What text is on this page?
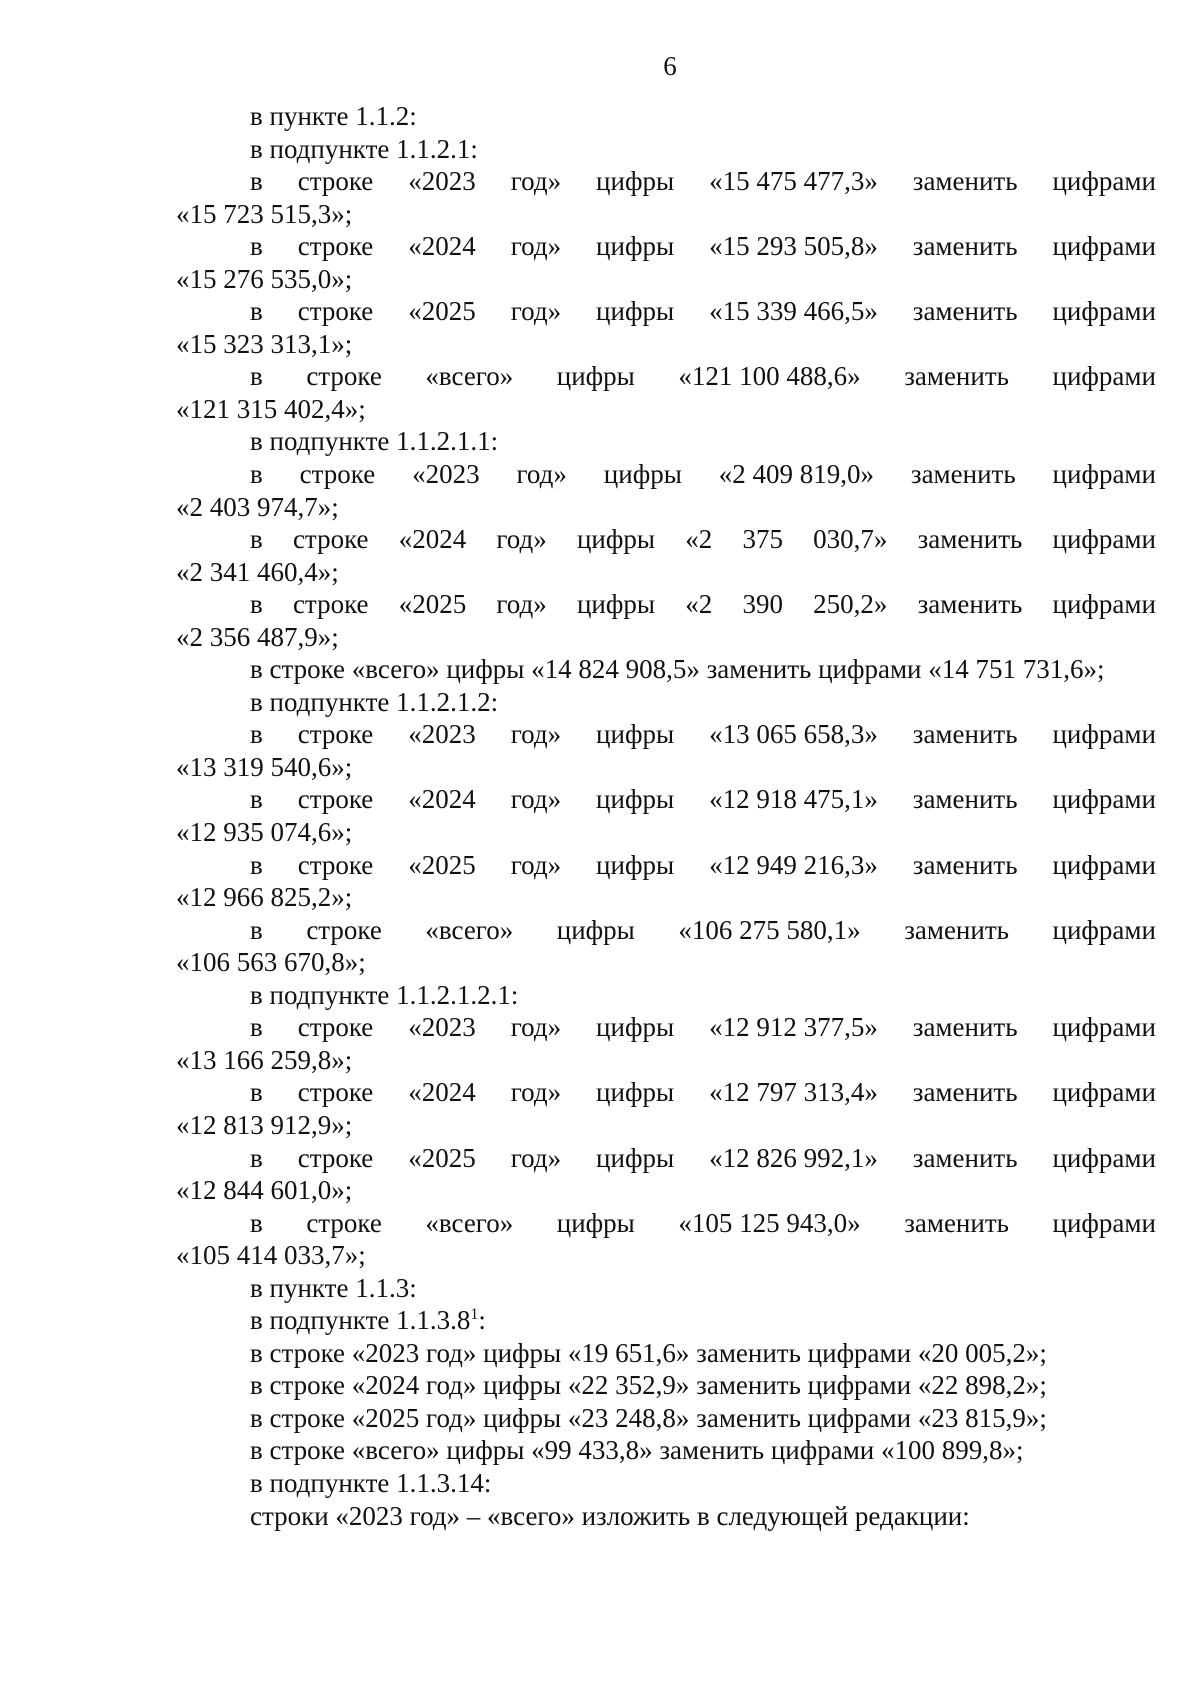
6
в пункте 1.1.2:
в подпункте 1.1.2.1:
в строке «2023 год» цифры «15 475 477,3» заменить цифрами
«15 723 515,3»;
в строке «2024 год» цифры «15 293 505,8» заменить цифрами
«15 276 535,0»;
в строке «2025 год» цифры «15 339 466,5» заменить цифрами
«15 323 313,1»;
в строке «всего» цифры «121 100 488,6» заменить цифрами
«121 315 402,4»;
в подпункте 1.1.2.1.1:
в строке «2023 год» цифры «2 409 819,0» заменить цифрами
«2 403 974,7»;
в строке «2024 год» цифры «2 375 030,7» заменить цифрами
«2 341 460,4»;
в строке «2025 год» цифры «2 390 250,2» заменить цифрами
«2 356 487,9»;
в строке «всего» цифры «14 824 908,5» заменить цифрами «14 751 731,6»;
в подпункте 1.1.2.1.2:
в строке «2023 год» цифры «13 065 658,3» заменить цифрами
«13 319 540,6»;
в строке «2024 год» цифры «12 918 475,1» заменить цифрами
«12 935 074,6»;
в строке «2025 год» цифры «12 949 216,3» заменить цифрами
«12 966 825,2»;
в строке «всего» цифры «106 275 580,1» заменить цифрами
«106 563 670,8»;
в подпункте 1.1.2.1.2.1:
в строке «2023 год» цифры «12 912 377,5» заменить цифрами
«13 166 259,8»;
в строке «2024 год» цифры «12 797 313,4» заменить цифрами
«12 813 912,9»;
в строке «2025 год» цифры «12 826 992,1» заменить цифрами
«12 844 601,0»;
в строке «всего» цифры «105 125 943,0» заменить цифрами
«105 414 033,7»;
в пункте 1.1.3:
в подпункте 1.1.3.8$^1$:
в строке «2023 год» цифры «19 651,6» заменить цифрами «20 005,2»;
в строке «2024 год» цифры «22 352,9» заменить цифрами «22 898,2»;
в строке «2025 год» цифры «23 248,8» заменить цифрами «23 815,9»;
в строке «всего» цифры «99 433,8» заменить цифрами «100 899,8»;
в подпункте 1.1.3.14:
строки «2023 год» – «всего» изложить в следующей редакции:
